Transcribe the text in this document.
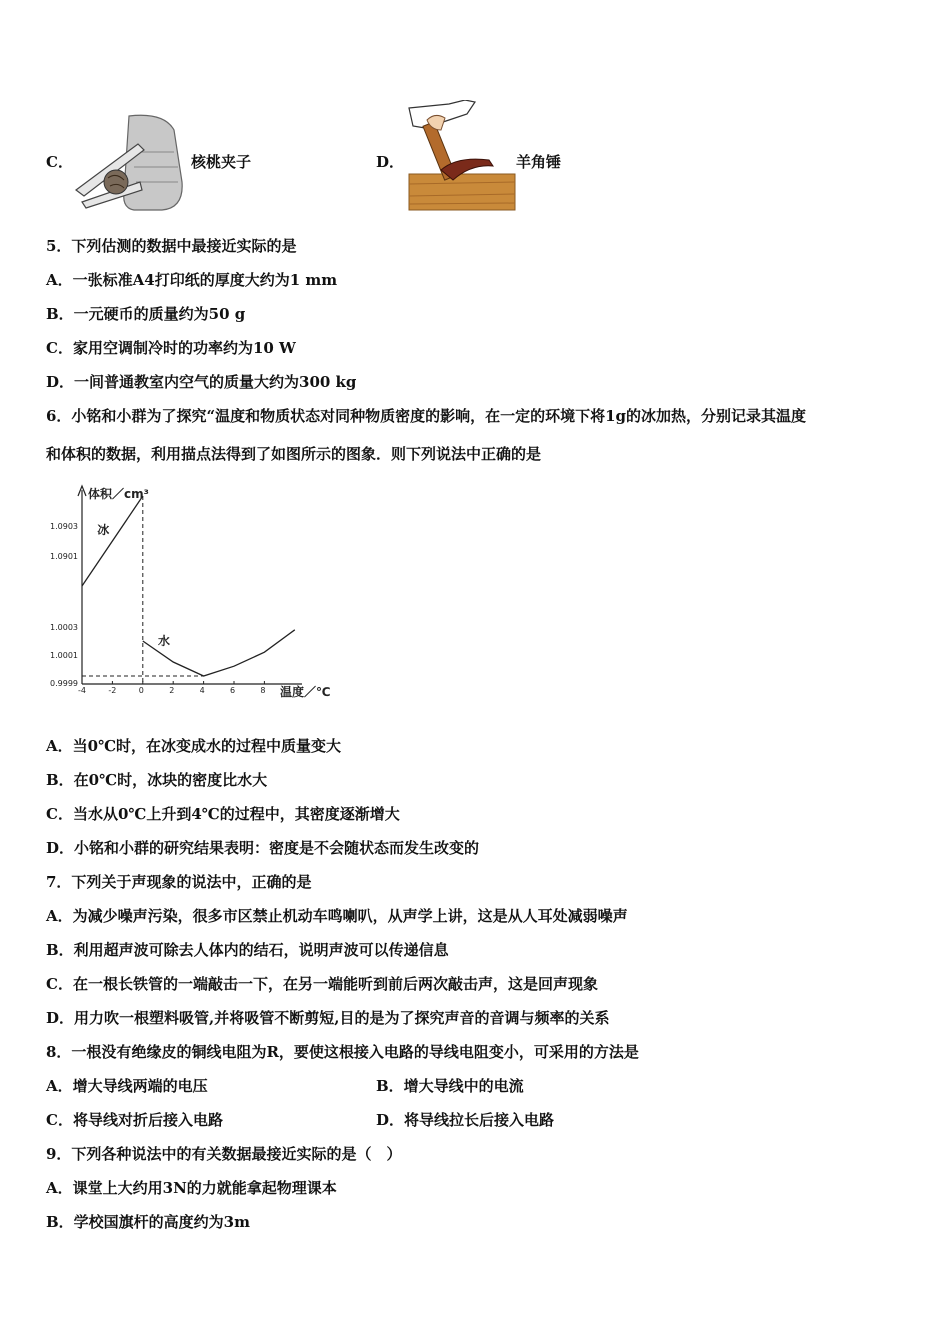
C．	核桃夹子	D．	羊角锤
5．下列估测的数据中最接近实际的是
A．一张标准A4打印纸的厚度大约为1 mm
B．一元硬币的质量约为50 g
C．家用空调制冷时的功率约为10 W
D．一间普通教室内空气的质量大约为300 kg
6．小铭和小群为了探究“温度和物质状态对同种物质密度的影响，在一定的环境下将1g的冰加热，分别记录其温度
和体积的数据，利用描点法得到了如图所示的图象．则下列说法中正确的是
体积／cm³
温度／℃
-4	-2	0	2	4	6	8
0.9999
1.0001
1.0003
1.0901
1.0903 冰
水
A．当0℃时，在冰变成水的过程中质量变大
B．在0℃时，冰块的密度比水大
C．当水从0℃上升到4℃的过程中，其密度逐渐增大
D．小铭和小群的研究结果表明：密度是不会随状态而发生改变的
7．下列关于声现象的说法中，正确的是
A．为减少噪声污染，很多市区禁止机动车鸣喇叭，从声学上讲，这是从人耳处减弱噪声
B．利用超声波可除去人体内的结石，说明声波可以传递信息
C．在一根长铁管的一端敲击一下，在另一端能听到前后两次敲击声，这是回声现象
D．用力吹一根塑料吸管,并将吸管不断剪短,目的是为了探究声音的音调与频率的关系
8．一根没有绝缘皮的铜线电阻为R，要使这根接入电路的导线电阻变小，可采用的方法是
A．增大导线两端的电压	B．增大导线中的电流
C．将导线对折后接入电路	D．将导线拉长后接入电路
9．下列各种说法中的有关数据最接近实际的是（　）
A．课堂上大约用3N的力就能拿起物理课本
B．学校国旗杆的高度约为3m
